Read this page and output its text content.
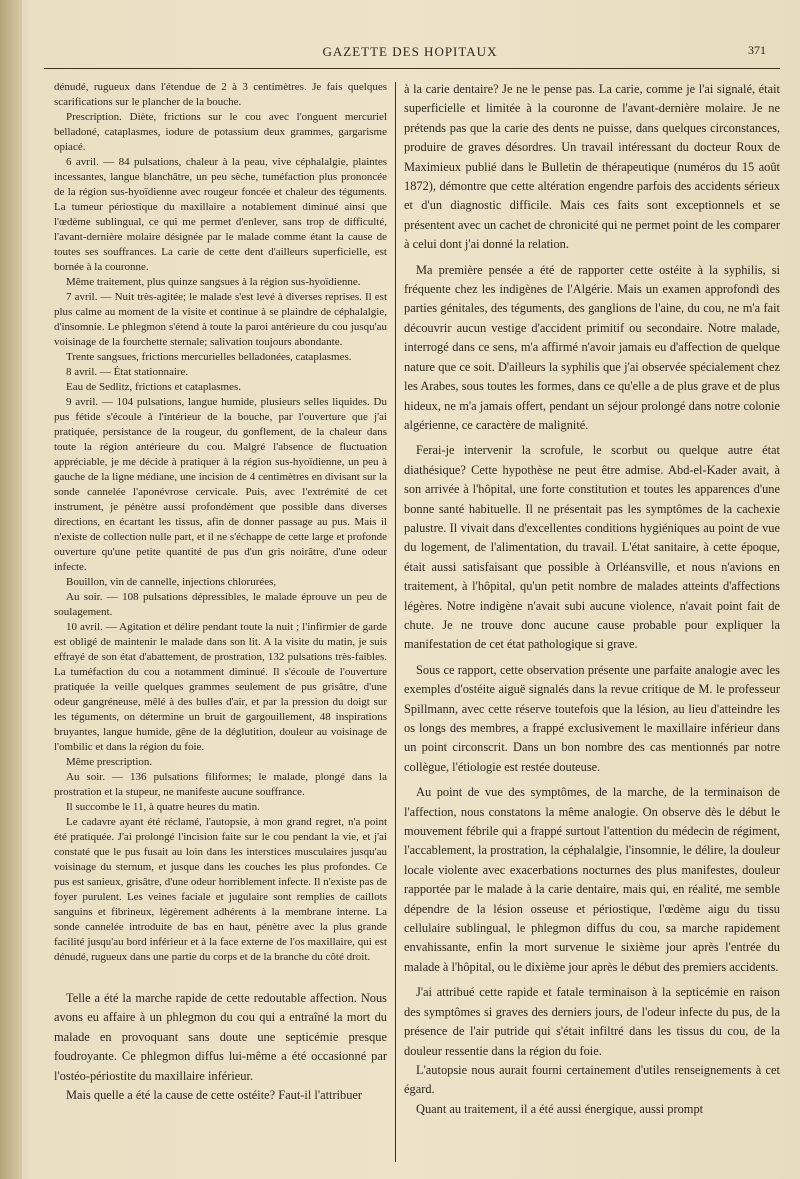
GAZETTE DES HOPITAUX	371

dénudé, rugueux dans l'étendue de 2 à 3 centimètres. Je fais quelques scarifications sur le plancher de la bouche.

Prescription. Diète, frictions sur le cou avec l'onguent mercuriel belladoné, cataplasmes, iodure de potassium deux grammes, gargarisme opiacé.

6 avril. — 84 pulsations, chaleur à la peau, vive céphalalgie, plaintes incessantes, langue blanchâtre, un peu sèche, tuméfaction plus prononcée de la région sus-hyoïdienne avec rougeur foncée et chaleur des téguments. La tumeur périostique du maxillaire a notablement diminué ainsi que l'œdème sublingual, ce qui me permet d'enlever, sans trop de difficulté, l'avant-dernière molaire désignée par le malade comme étant la cause de toutes ses souffrances. La carie de cette dent d'ailleurs superficielle, est bornée à la couronne.

Même traitement, plus quinze sangsues à la région sus-hyoïdienne.

7 avril. — Nuit très-agitée; le malade s'est levé à diverses reprises. Il est plus calme au moment de la visite et continue à se plaindre de céphalalgie, d'insomnie. Le phlegmon s'étend à toute la paroi antérieure du cou jusqu'au voisinage de la fourchette sternale; salivation toujours abondante.

Trente sangsues, frictions mercurielles belladonées, cataplasmes.

8 avril. — État stationnaire.

Eau de Sedlitz, frictions et cataplasmes.

9 avril. — 104 pulsations, langue humide, plusieurs selles liquides. Du pus fétide s'écoule à l'intérieur de la bouche, par l'ouverture que j'ai pratiquée, persistance de la rougeur, du gonflement, de la chaleur dans toute la région antérieure du cou. Malgré l'absence de fluctuation appréciable, je me décide à pratiquer à la région sus-hyoïdienne, un peu à gauche de la ligne médiane, une incision de 4 centimètres en divisant sur la sonde cannelée l'aponévrose cervicale. Puis, avec l'extrémité de cet instrument, je pénètre aussi profondément que possible dans diverses directions, en écartant les tissus, afin de donner passage au pus. Mais il n'existe de collection nulle part, et il ne s'échappe de cette large et profonde ouverture qu'une petite quantité de pus d'un gris noirâtre, d'une odeur infecte.

Bouillon, vin de cannelle, injections chlorurées,

Au soir. — 108 pulsations dépressibles, le malade éprouve un peu de soulagement.

10 avril. — Agitation et délire pendant toute la nuit ; l'infirmier de garde est obligé de maintenir le malade dans son lit. A la visite du matin, je suis effrayé de son état d'abattement, de prostration, 132 pulsations très-faibles. La tuméfaction du cou a notamment diminué. Il s'écoule de l'ouverture pratiquée la veille quelques grammes seulement de pus grisâtre, d'une odeur gangréneuse, mêlé à des bulles d'air, et par la pression du doigt sur les téguments, on détermine un bruit de gargouillement, 48 inspirations bruyantes, langue humide, gêne de la déglutition, douleur au voisinage de l'ombilic et dans la région du foie.

Même prescription.

Au soir. — 136 pulsations filiformes; le malade, plongé dans la prostration et la stupeur, ne manifeste aucune souffrance.

Il succombe le 11, à quatre heures du matin.

Le cadavre ayant été réclamé, l'autopsie, à mon grand regret, n'a point été pratiquée. J'ai prolongé l'incision faite sur le cou pendant la vie, et j'ai constaté que le pus fusait au loin dans les interstices musculaires jusqu'au voisinage du sternum, et jusque dans les couches les plus profondes. Ce pus est sanieux, grisâtre, d'une odeur horriblement infecte. Il n'existe pas de foyer purulent. Les veines faciale et jugulaire sont remplies de caillots sanguins et fibrineux, légèrement adhérents à la membrane interne. La sonde cannelée introduite de bas en haut, pénètre avec la plus grande facilité jusqu'au bord inférieur et à la face externe de l'os maxillaire, qui est dénudé, rugueux dans une partie du corps et de la branche du côté droit.

Telle a été la marche rapide de cette redoutable affection. Nous avons eu affaire à un phlegmon du cou qui a entraîné la mort du malade en provoquant sans doute une septicémie presque foudroyante. Ce phlegmon diffus lui-même a été occasionné par l'ostéo-périostite du maxillaire inférieur.

Mais quelle a été la cause de cette ostéite? Faut-il l'attribuer

à la carie dentaire? Je ne le pense pas. La carie, comme je l'ai signalé, était superficielle et limitée à la couronne de l'avant-dernière molaire. Je ne prétends pas que la carie des dents ne puisse, dans quelques circonstances, produire de graves désordres. Un travail intéressant du docteur Roux de Maximieux publié dans le Bulletin de thérapeutique (numéros du 15 août 1872), démontre que cette altération engendre parfois des accidents sérieux et d'un diagnostic difficile. Mais ces faits sont exceptionnels et se présentent avec un cachet de chronicité qui ne permet point de les comparer à celui dont j'ai donné la relation.

Ma première pensée a été de rapporter cette ostéite à la syphilis, si fréquente chez les indigènes de l'Algérie. Mais un examen approfondi des parties génitales, des téguments, des ganglions de l'aine, du cou, ne m'a fait découvrir aucun vestige d'accident primitif ou secondaire. Notre malade, interrogé dans ce sens, m'a affirmé n'avoir jamais eu d'affection de quelque nature que ce soit. D'ailleurs la syphilis que j'ai observée spécialement chez les Arabes, sous toutes les formes, dans ce qu'elle a de plus grave et de plus hideux, ne m'a jamais offert, pendant un séjour prolongé dans notre colonie algérienne, ce caractère de malignité.

Ferai-je intervenir la scrofule, le scorbut ou quelque autre état diathésique? Cette hypothèse ne peut être admise. Abd-el-Kader avait, à son arrivée à l'hôpital, une forte constitution et toutes les apparences d'une bonne santé habituelle. Il ne présentait pas les symptômes de la cachexie palustre. Il vivait dans d'excellentes conditions hygiéniques au point de vue du logement, de l'alimentation, du travail. L'état sanitaire, à cette époque, était aussi satisfaisant que possible à Orléansville, et nous n'avions en traitement, à l'hôpital, qu'un petit nombre de malades atteints d'affections légères. Notre indigène n'avait subi aucune violence, n'avait point fait de chute. Je ne trouve donc aucune cause probable pour expliquer la manifestation de cet état pathologique si grave.

Sous ce rapport, cette observation présente une parfaite analogie avec les exemples d'ostéite aiguë signalés dans la revue critique de M. le professeur Spillmann, avec cette réserve toutefois que la lésion, au lieu d'atteindre les os longs des membres, a frappé exclusivement le maxillaire inférieur dans un point circonscrit. Dans un bon nombre des cas mentionnés par notre collègue, l'étiologie est restée douteuse.

Au point de vue des symptômes, de la marche, de la terminaison de l'affection, nous constatons la même analogie. On observe dès le début le mouvement fébrile qui a frappé surtout l'attention du médecin de régiment, l'accablement, la prostration, la céphalalgie, l'insomnie, le délire, la douleur locale violente avec exacerbations nocturnes des plus manifestes, douleur rapportée par le malade à la carie dentaire, mais qui, en réalité, me semble dépendre de la lésion osseuse et périostique, l'œdème aigu du tissu cellulaire sublingual, le phlegmon diffus du cou, sa marche rapidement envahissante, enfin la mort survenue le sixième jour après l'entrée du malade à l'hôpital, ou le dixième jour après le début des premiers accidents.

J'ai attribué cette rapide et fatale terminaison à la septicémie en raison des symptômes si graves des derniers jours, de l'odeur infecte du pus, de la présence de l'air putride qui s'était infiltré dans les tissus du cou, de la douleur ressentie dans la région du foie.

L'autopsie nous aurait fourni certainement d'utiles renseignements à cet égard.

Quant au traitement, il a été aussi énergique, aussi prompt
